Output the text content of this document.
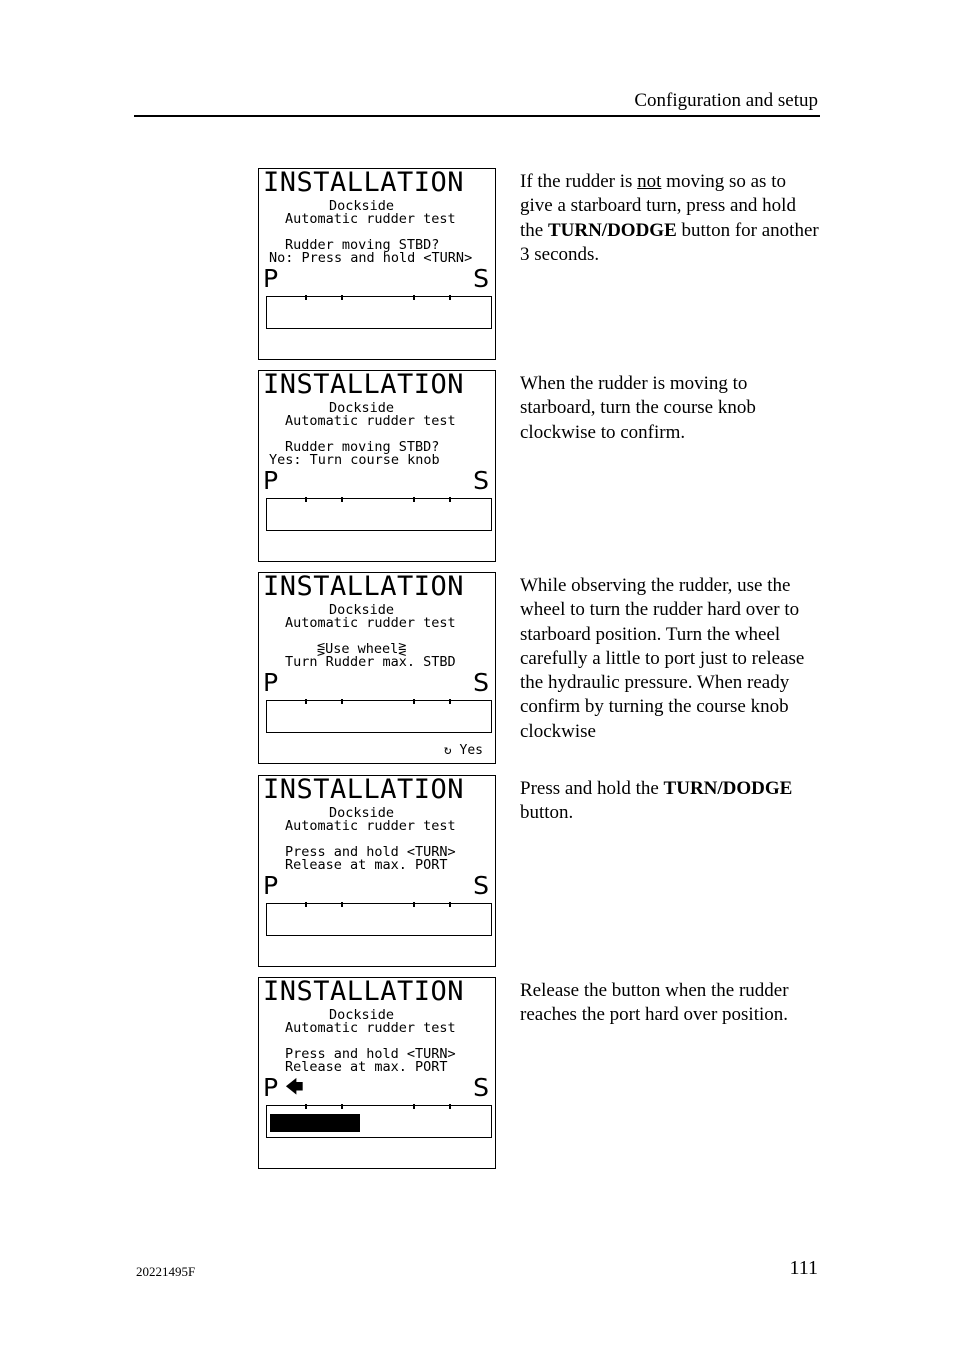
Configuration and setup
INSTALLATION
Dockside
Automatic rudder test
Rudder moving STBD?
No: Press and hold <TURN>
P	S
If the rudder is not moving so as to give a starboard turn, press and hold the TURN/DODGE button for another 3 seconds.
INSTALLATION
Dockside
Automatic rudder test
Rudder moving STBD?
Yes: Turn course knob
P	S
When the rudder is moving to starboard, turn the course knob clockwise to confirm.
INSTALLATION
Dockside
Automatic rudder test
⋚Use wheel⋛
Turn Rudder max. STBD
P	S
↻ Yes
While observing the rudder, use the wheel to turn the rudder hard over to starboard position. Turn the wheel carefully a little to port just to release the hydraulic pressure. When ready confirm by turning the course knob clockwise
INSTALLATION
Dockside
Automatic rudder test
Press and hold <TURN>
Release at max. PORT
P	S
Press and hold the TURN/DODGE button.
INSTALLATION
Dockside
Automatic rudder test
Press and hold <TURN>
Release at max. PORT
P 🡄	S
Release the button when the rudder reaches the port hard over position.
20221495F	111
